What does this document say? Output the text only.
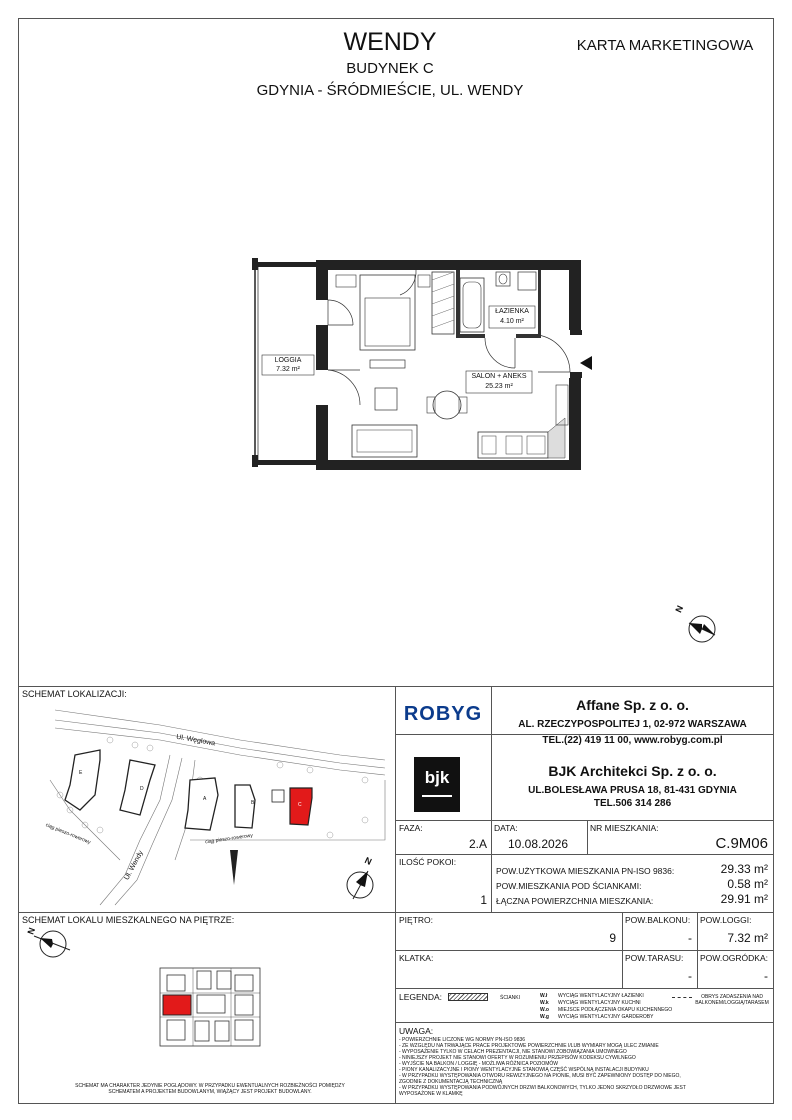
WENDY
BUDYNEK C
GDYNIA - ŚRÓDMIEŚCIE, UL. WENDY
KARTA MARKETINGOWA
LOGGIA
7.32 m²
ŁAZIENKA
4.10 m²
SALON + ANEKS
25.23 m²
N
SCHEMAT LOKALIZACJI:
Ul. Węglowa
Ul. Wendy
ciąg pieszo-rowerowy	ciąg pieszo-rowerowy
E
D
A
B	C
N
SCHEMAT LOKALU MIESZKALNEGO NA PIĘTRZE:
N
SCHEMAT MA CHARAKTER JEDYNIE POGLĄDOWY. W PRZYPADKU EWENTUALNYCH ROZBIEŻNOŚCI POMIĘDZY SCHEMATEM A PROJEKTEM BUDOWLANYM, WIĄŻĄCY JEST PROJEKT BUDOWLANY.
ROBYG	Affane Sp. z o. o.
AL. RZECZYPOSPOLITEJ 1, 02-972 WARSZAWA
TEL.(22) 419 11 00, www.robyg.com.pl
bjk	BJK Architekci Sp. z o. o.
UL.BOLESŁAWA PRUSA 18, 81-431 GDYNIA
TEL.506 314 286
FAZA:
2.A
DATA:
10.08.2026
NR MIESZKANIA:
C.9M06
ILOŚĆ POKOI:
1
POW.UŻYTKOWA MIESZKANIA PN-ISO 9836:	29.33 m²
POW.MIESZKANIA POD ŚCIANKAMI:	0.58 m²
ŁĄCZNA POWIERZCHNIA MIESZKANIA:	29.91 m²
PIĘTRO:
9
POW.BALKONU:
-
POW.LOGGI:
7.32 m²
KLATKA:	POW.TARASU:
-
POW.OGRÓDKA:
-
LEGENDA:	ŚCIANKI	W.ł WYCIĄG WENTYLACYJNY ŁAZIENKI
W.k WYCIĄG WENTYLACYJNY KUCHNI
W.o MIEJSCE PODŁĄCZENIA OKAPU KUCHENNEGO
W.g WYCIĄG WENTYLACYJNY GARDEROBY
OBRYS ZADASZENIA NAD BALKONEM/LOGGIĄ/TARASEM
UWAGA:
- POWIERZCHNIE LICZONE WG NORMY PN-ISO 9836
- ZE WZGLĘDU NA TRWAJĄCE PRACE PROJEKTOWE POWIERZCHNIE I/LUB WYMIARY MOGĄ ULEC ZMIANIE
- WYPOSAŻENIE TYLKO W CELACH PREZENTACJI, NIE STANOWI ZOBOWIĄZANIA UMOWNEGO
- NINIEJSZY PROJEKT NIE STANOWI OFERTY W ROZUMIENIU PRZEPISÓW KODEKSU CYWILNEGO
- WYJŚCIE NA BALKON / LOGGIĘ - MOŻLIWA RÓŻNICA POZIOMÓW
- PIONY KANALIZACYJNE I PIONY WENTYLACYJNE STANOWIĄ CZĘŚĆ WSPÓLNĄ INSTALACJI BUDYNKU
- W PRZYPADKU WYSTĘPOWANIA OTWORU REWIZYJNEGO NA PIONIE, MUSI BYĆ ZAPEWNIONY DOSTĘP DO NIEGO, ZGODNIE Z DOKUMENTACJĄ TECHNICZNĄ
- W PRZYPADKU WYSTĘPOWANIA PODWÓJNYCH DRZWI BALKONOWYCH, TYLKO JEDNO SKRZYDŁO DRZWIOWE JEST WYPOSAŻONE W KLAMKĘ
